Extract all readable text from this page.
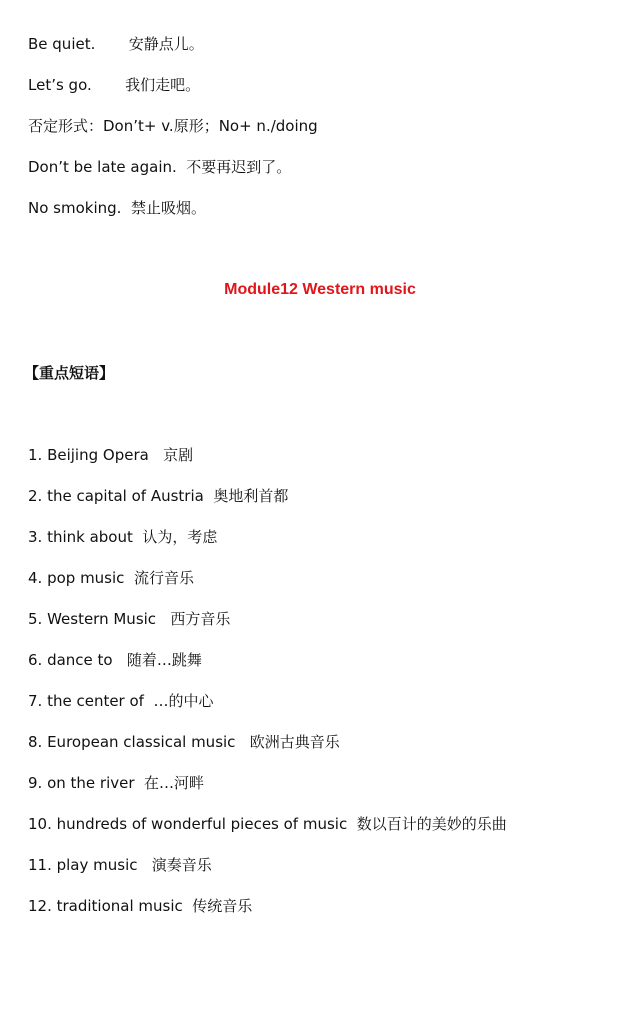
Be quiet.       安静点儿。
Let’s go.       我们走吧。
否定形式：Don’t+ v.原形；No+ n./doing
Don’t be late again.  不要再迟到了。
No smoking.  禁止吸烟。
Module12 Western music
【重点短语】
1. Beijing Opera   京剧
2. the capital of Austria  奥地利首都
3. think about  认为，考虑
4. pop music  流行音乐
5. Western Music   西方音乐
6. dance to   随着…跳舞
7. the center of  …的中心
8. European classical music   欧洲古典音乐
9. on the river  在…河畔
10. hundreds of wonderful pieces of music  数以百计的美妙的乐曲
11. play music   演奏音乐
12. traditional music  传统音乐
